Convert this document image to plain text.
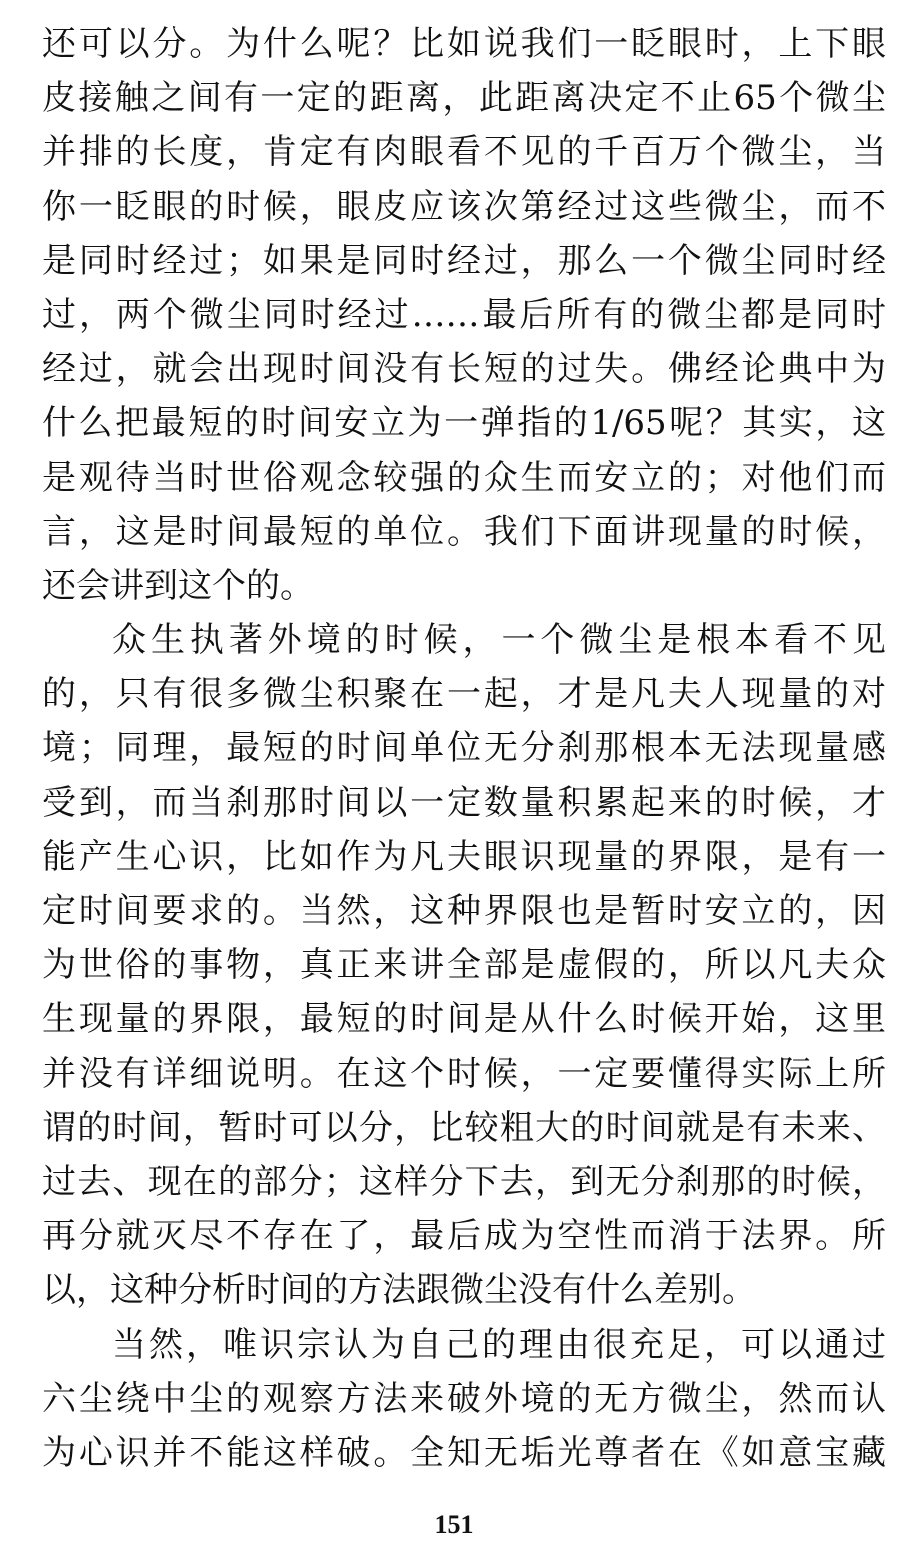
还可以分。为什么呢？比如说我们一眨眼时，上下眼
皮接触之间有一定的距离，此距离决定不止65个微尘
并排的长度，肯定有肉眼看不见的千百万个微尘，当
你一眨眼的时候，眼皮应该次第经过这些微尘，而不
是同时经过；如果是同时经过，那么一个微尘同时经
过，两个微尘同时经过……最后所有的微尘都是同时
经过，就会出现时间没有长短的过失。佛经论典中为
什么把最短的时间安立为一弹指的1/65呢？其实，这
是观待当时世俗观念较强的众生而安立的；对他们而
言，这是时间最短的单位。我们下面讲现量的时候，
还会讲到这个的。
众生执著外境的时候，一个微尘是根本看不见
的，只有很多微尘积聚在一起，才是凡夫人现量的对
境；同理，最短的时间单位无分刹那根本无法现量感
受到，而当刹那时间以一定数量积累起来的时候，才
能产生心识，比如作为凡夫眼识现量的界限，是有一
定时间要求的。当然，这种界限也是暂时安立的，因
为世俗的事物，真正来讲全部是虚假的，所以凡夫众
生现量的界限，最短的时间是从什么时候开始，这里
并没有详细说明。在这个时候，一定要懂得实际上所
谓的时间，暂时可以分，比较粗大的时间就是有未来、
过去、现在的部分；这样分下去，到无分刹那的时候，
再分就灭尽不存在了，最后成为空性而消于法界。所
以，这种分析时间的方法跟微尘没有什么差别。
当然，唯识宗认为自己的理由很充足，可以通过
六尘绕中尘的观察方法来破外境的无方微尘，然而认
为心识并不能这样破。全知无垢光尊者在《如意宝藏
151
